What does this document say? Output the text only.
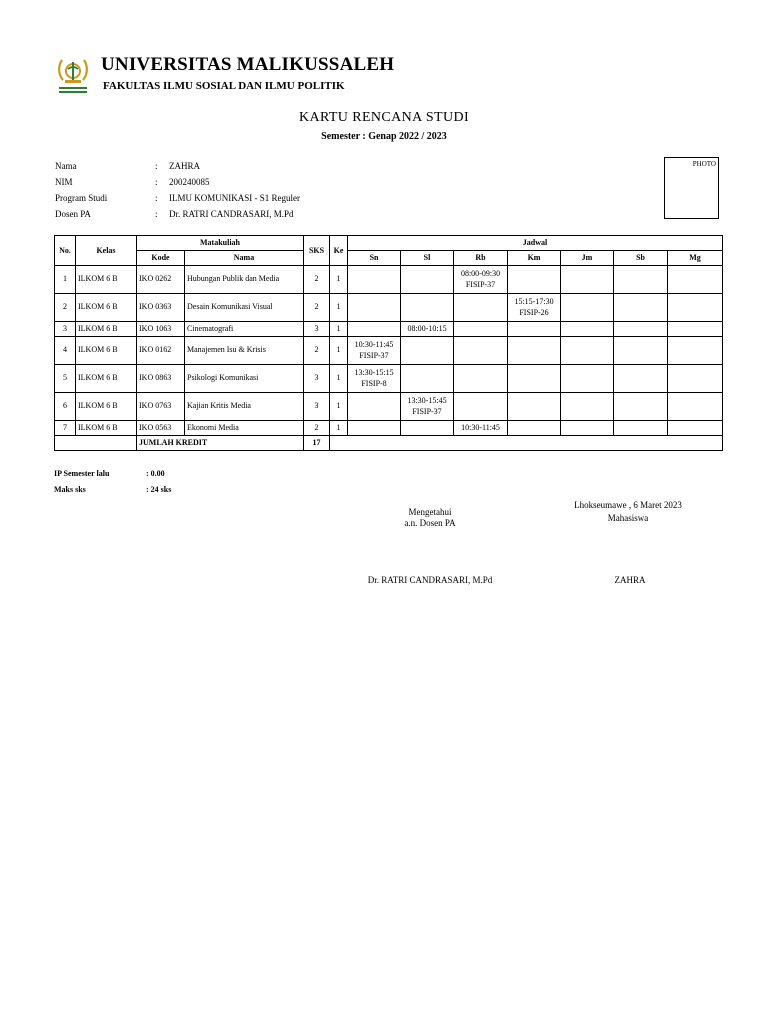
UNIVERSITAS MALIKUSSALEH
FAKULTAS ILMU SOSIAL DAN ILMU POLITIK
KARTU RENCANA STUDI
Semester : Genap 2022 / 2023
Nama	:	ZAHRA
NIM	:	200240085
Program Studi	:	ILMU KOMUNIKASI - S1 Reguler
Dosen PA	:	Dr. RATRI CANDRASARI, M.Pd
PHOTO
No.	Kelas	Matakuliah		SKS	Ke	Jadwal						
		Kode	Nama			Sn	Sl	Rb	Km	Jm	Sb	Mg
1	ILKOM 6 B	IKO 0262	Hubungan Publik dan Media	2	1			08:00-09:30
FISIP-37				
2	ILKOM 6 B	IKO 0363	Desain Komunikasi Visual	2	1				15:15-17:30
FISIP-26			
3	ILKOM 6 B	IKO 1063	Cinematografi	3	1		08:00-10:15					
4	ILKOM 6 B	IKO 0162	Manajemen Isu & Krisis	2	1	10:30-11:45
FISIP-37						
5	ILKOM 6 B	IKO 0863	Psikologi Komunikasi	3	1	13:30-15:15
FISIP-8						
6	ILKOM 6 B	IKO 0763	Kajian Kritis Media	3	1		13:30-15:45
FISIP-37					
7	ILKOM 6 B	IKO 0563	Ekonomi Media	2	1			10:30-11:45				
		JUMLAH KREDIT		17								
IP Semester lalu	: 0.00
Maks sks	: 24 sks
Mengetahui
a.n. Dosen PA
Lhokseumawe , 6 Maret 2023
Mahasiswa
Dr. RATRI CANDRASARI, M.Pd	ZAHRA
